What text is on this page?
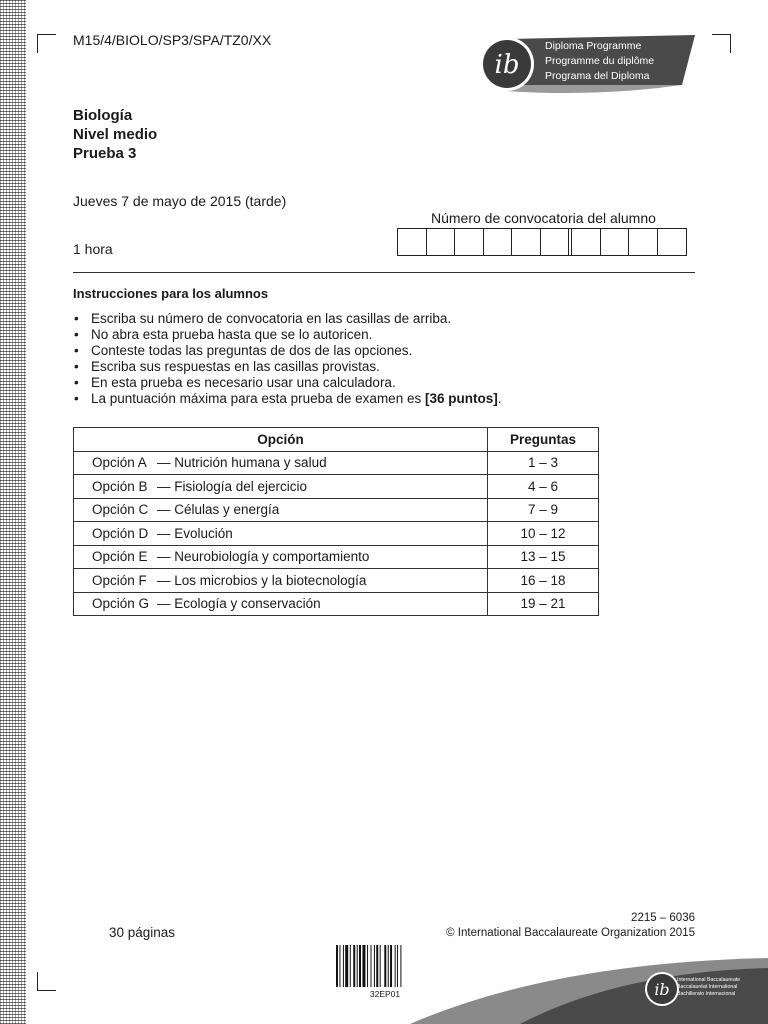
M15/4/BIOLO/SP3/SPA/TZ0/XX
ib
Diploma Programme
Programme du diplôme
Programa del Diploma
Biología
Nivel medio
Prueba 3
Jueves 7 de mayo de 2015 (tarde)
Número de convocatoria del alumno
1 hora
Instrucciones para los alumnos
• Escriba su número de convocatoria en las casillas de arriba.
• No abra esta prueba hasta que se lo autoricen.
• Conteste todas las preguntas de dos de las opciones.
• Escriba sus respuestas en las casillas provistas.
• En esta prueba es necesario usar una calculadora.
• La puntuación máxima para esta prueba de examen es [36 puntos].
Opción	Preguntas
Opción A — Nutrición humana y salud	1 – 3
Opción B — Fisiología del ejercicio	4 – 6
Opción C — Células y energía	7 – 9
Opción D — Evolución	10 – 12
Opción E — Neurobiología y comportamiento	13 – 15
Opción F — Los microbios y la biotecnología	16 – 18
Opción G — Ecología y conservación	19 – 21
30 páginas
2215 – 6036
© International Baccalaureate Organization 2015
32EP01	ib International Baccalaureate
Baccalauréat International
Bachillerato Internacional
